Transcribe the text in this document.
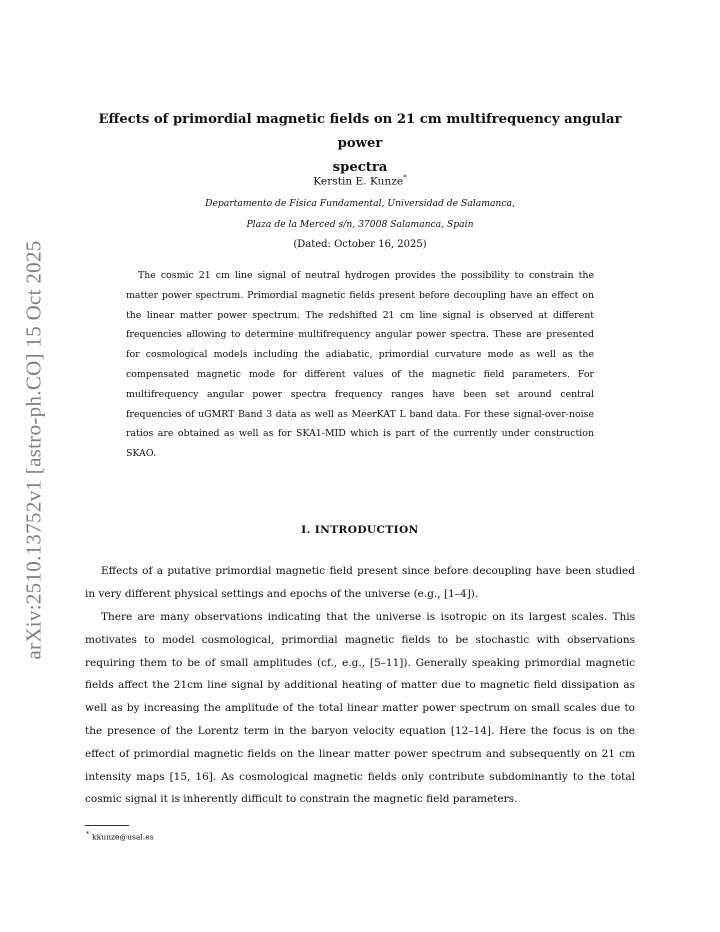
arXiv:2510.13752v1 [astro-ph.CO] 15 Oct 2025
Effects of primordial magnetic fields on 21 cm multifrequency angular power
spectra
Kerstin E. Kunze*
Departamento de Física Fundamental, Universidad de Salamanca,
Plaza de la Merced s/n, 37008 Salamanca, Spain
(Dated: October 16, 2025)

The cosmic 21 cm line signal of neutral hydrogen provides the possibility to constrain the matter power spectrum. Primordial magnetic fields present before decoupling have an effect on the linear matter power spectrum. The redshifted 21 cm line signal is observed at different frequencies allowing to determine multifrequency angular power spectra. These are presented for cosmological models including the adiabatic, primordial curvature mode as well as the compensated magnetic mode for different values of the magnetic field parameters. For multifrequency angular power spectra frequency ranges have been set around central frequencies of uGMRT Band 3 data as well as MeerKAT L band data. For these signal-over-noise ratios are obtained as well as for SKA1-MID which is part of the currently under construction SKAO.

I. INTRODUCTION

Effects of a putative primordial magnetic field present since before decoupling have been studied in very different physical settings and epochs of the universe (e.g., [1–4]).

There are many observations indicating that the universe is isotropic on its largest scales. This motivates to model cosmological, primordial magnetic fields to be stochastic with observations requiring them to be of small amplitudes (cf., e.g., [5–11]). Generally speaking primordial magnetic fields affect the 21cm line signal by additional heating of matter due to magnetic field dissipation as well as by increasing the amplitude of the total linear matter power spectrum on small scales due to the presence of the Lorentz term in the baryon velocity equation [12–14]. Here the focus is on the effect of primordial magnetic fields on the linear matter power spectrum and subsequently on 21 cm intensity maps [15, 16]. As cosmological magnetic fields only contribute subdominantly to the total cosmic signal it is inherently difficult to constrain the magnetic field parameters.

* kkunze@usal.es
